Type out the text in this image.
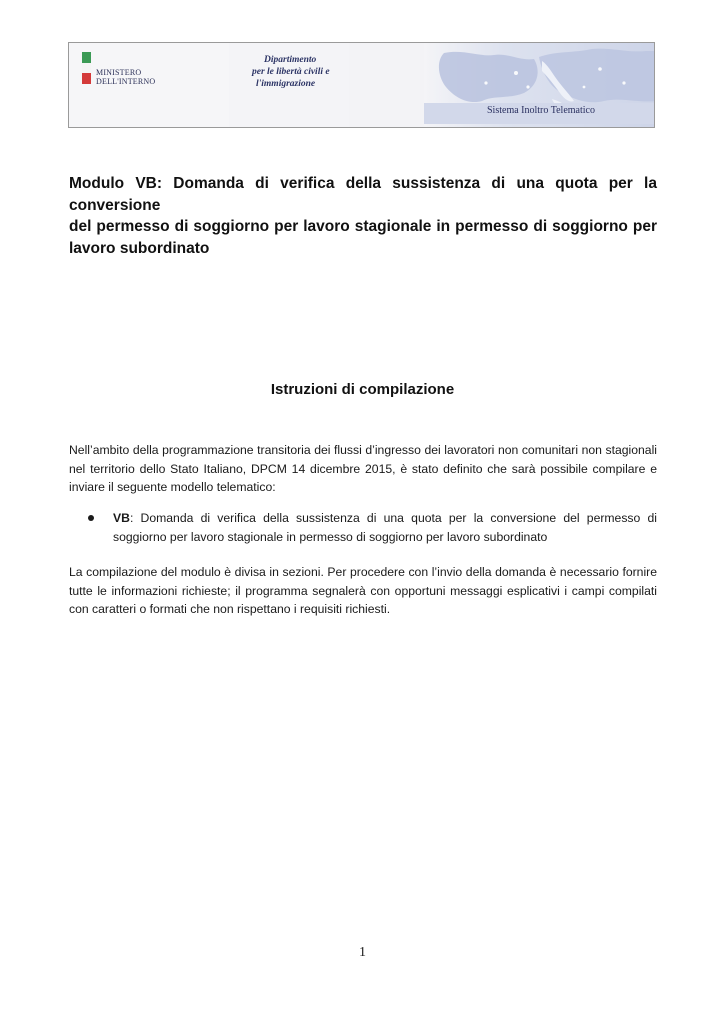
MINISTERO
DELL'INTERNO
Dipartimento
per le libertà civili e
l'immigrazione
Sistema Inoltro Telematico
Modulo VB: Domanda di verifica della sussistenza di una quota per la conversione
del permesso di soggiorno per lavoro stagionale in permesso di soggiorno per
lavoro subordinato
Istruzioni di compilazione

Nell’ambito della programmazione transitoria dei flussi d’ingresso dei lavoratori non comunitari non stagionali nel territorio dello Stato Italiano, DPCM 14 dicembre 2015, è stato definito che sarà possibile compilare e inviare il seguente modello telematico:

VB: Domanda di verifica della sussistenza di una quota per la conversione del permesso di soggiorno per lavoro stagionale in permesso di soggiorno per lavoro subordinato

La compilazione del modulo è divisa in sezioni. Per procedere con l’invio della domanda è necessario fornire tutte le informazioni richieste; il programma segnalerà con opportuni messaggi esplicativi i campi compilati con caratteri o formati che non rispettano i requisiti richiesti.

1
